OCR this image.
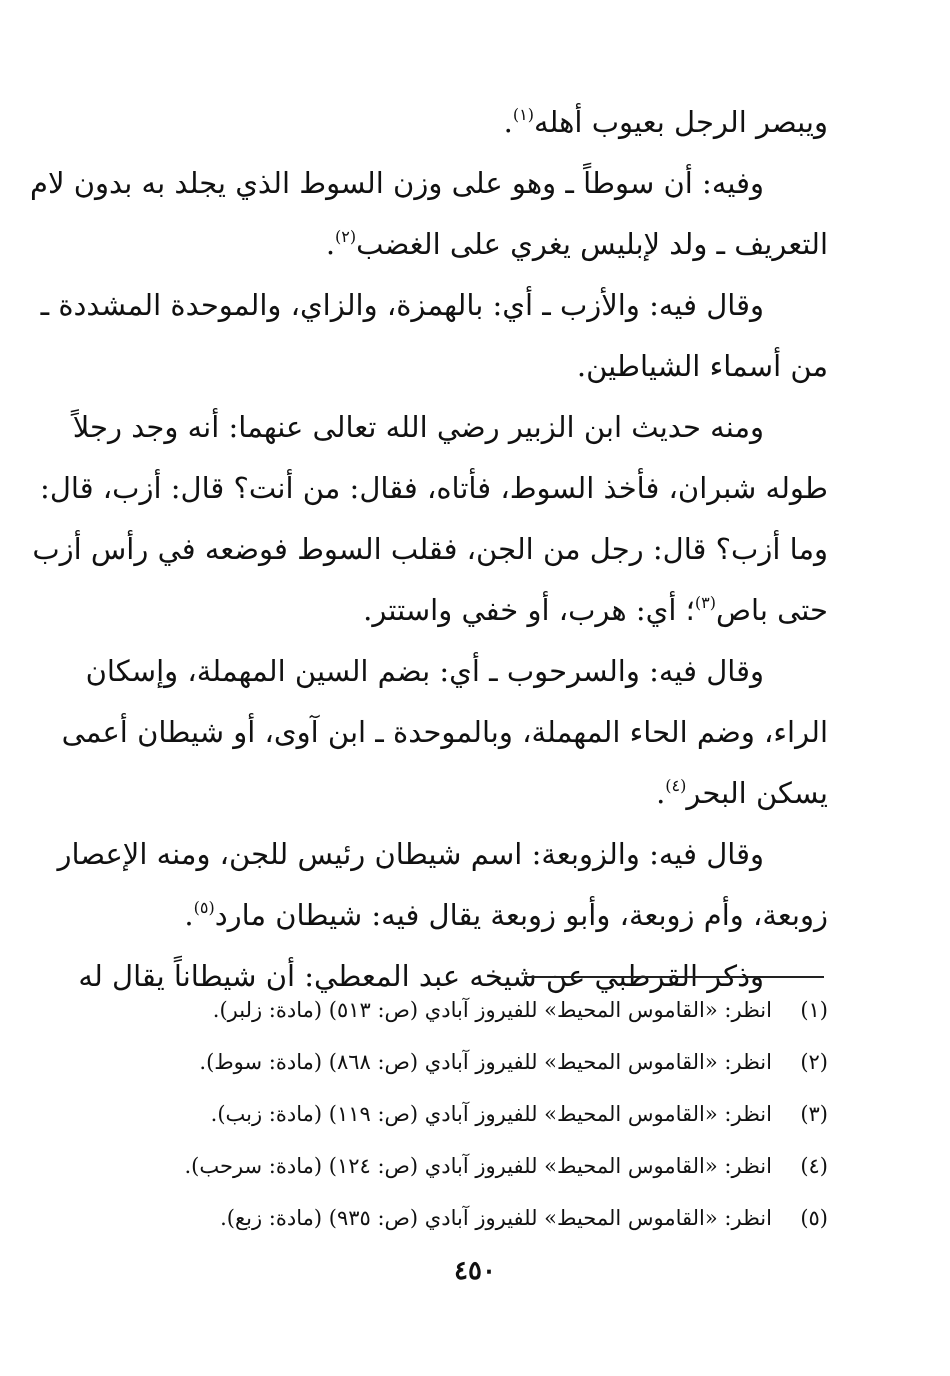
ويبصر الرجل بعيوب أهله$^{(١)}$.
وفيه: أن سوطاً ـ وهو على وزن السوط الذي يجلد به بدون لام
التعريف ـ ولد لإبليس يغري على الغضب$^{(٢)}$.
وقال فيه: والأزب ـ أي: بالهمزة، والزاي، والموحدة المشددة ـ
من أسماء الشياطين.
ومنه حديث ابن الزبير رضي الله تعالى عنهما: أنه وجد رجلاً
طوله شبران، فأخذ السوط، فأتاه، فقال: من أنت؟ قال: أزب، قال:
وما أزب؟ قال: رجل من الجن، فقلب السوط فوضعه في رأس أزب
حتى باص$^{(٣)}$؛ أي: هرب، أو خفي واستتر.
وقال فيه: والسرحوب ـ أي: بضم السين المهملة، وإسكان
الراء، وضم الحاء المهملة، وبالموحدة ـ ابن آوى، أو شيطان أعمى
يسكن البحر$^{(٤)}$.
وقال فيه: والزوبعة: اسم شيطان رئيس للجن، ومنه الإعصار
زوبعة، وأم زوبعة، وأبو زوبعة يقال فيه: شيطان مارد$^{(٥)}$.
وذكر القرطبي عن شيخه عبد المعطي: أن شيطاناً يقال له
(١)
انظر: «القاموس المحيط» للفيروز آبادي (ص: ٥١٣) (مادة: زلبر).
(٢)
انظر: «القاموس المحيط» للفيروز آبادي (ص: ٨٦٨) (مادة: سوط).
(٣)
انظر: «القاموس المحيط» للفيروز آبادي (ص: ١١٩) (مادة: زبب).
(٤)
انظر: «القاموس المحيط» للفيروز آبادي (ص: ١٢٤) (مادة: سرحب).
(٥)
انظر: «القاموس المحيط» للفيروز آبادي (ص: ٩٣٥) (مادة: زبع).
٤٥٠
